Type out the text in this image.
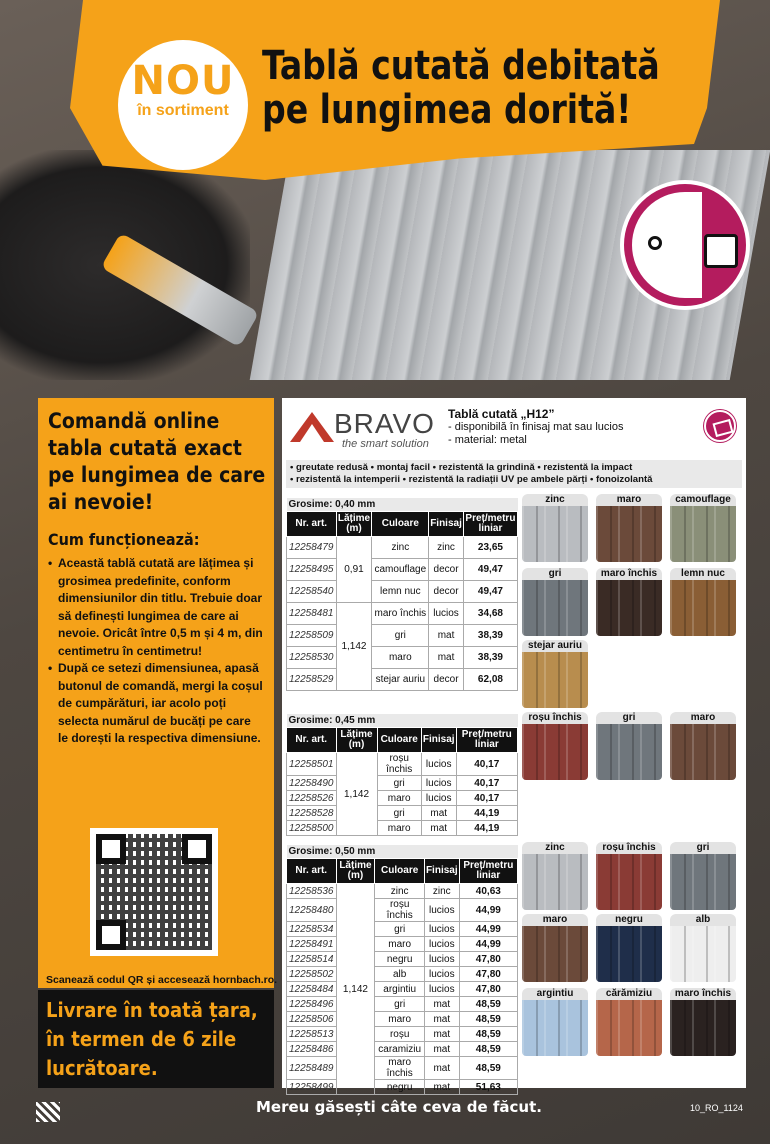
NOU
în sortiment
Tablă cutată debitată
pe lungimea dorită!
Comandă online tabla cutată exact pe lungimea de care ai nevoie!
Cum funcționează:
• Această tablă cutată are lățimea și grosimea predefinite, conform dimensiunilor din titlu. Trebuie doar să definești lungimea de care ai nevoie. Oricât între 0,5 m și 4 m, din centimetru în centimetru!
• După ce setezi dimensiunea, apasă butonul de comandă, mergi la coșul de cumpărături, iar acolo poți selecta numărul de bucăți pe care le dorești la respectiva dimensiune.
Scanează codul QR și accesează hornbach.ro.
Livrare în toată țara,
în termen de 6 zile
lucrătoare.
BRAVO
the smart solution
Tablă cutată „H12”
- disponibilă în finisaj mat sau lucios
- material: metal
• greutate redusă • montaj facil • rezistentă la grindină • rezistentă la impact
• rezistentă la intemperii • rezistentă la radiații UV pe ambele părți • fonoizolantă
Grosime: 0,40 mm				
Nr. art.	Lățime (m)	Culoare	Finisaj	Preț/metru liniar
12258479	0,91	zinc	zinc	23,65
12258495		camouflage	decor	49,47
12258540		lemn nuc	decor	49,47
12258481	1,142	maro închis	lucios	34,68
12258509		gri	mat	38,39
12258530		maro	mat	38,39
12258529		stejar auriu	decor	62,08
Grosime: 0,45 mm				
Nr. art.	Lățime (m)	Culoare	Finisaj	Preț/metru liniar
12258501	1,142	roșu închis	lucios	40,17
12258490		gri	lucios	40,17
12258526		maro	lucios	40,17
12258528		gri	mat	44,19
12258500		maro	mat	44,19
Grosime: 0,50 mm				
Nr. art.	Lățime (m)	Culoare	Finisaj	Preț/metru liniar
12258536	1,142	zinc	zinc	40,63
12258480		roșu închis	lucios	44,99
12258534		gri	lucios	44,99
12258491		maro	lucios	44,99
12258514		negru	lucios	47,80
12258502		alb	lucios	47,80
12258484		argintiu	lucios	47,80
12258496		gri	mat	48,59
12258506		maro	mat	48,59
12258513		roșu	mat	48,59
12258486		caramiziu	mat	48,59
12258489		maro închis	mat	48,59
12258499		negru	mat	51,63
zinc	maro	camouflage
gri	maro închis	lemn nuc
stejar auriu
roșu închis	gri	maro
zinc	roșu închis	gri
maro	negru	alb
argintiu	cărămiziu	maro închis
Mereu găsești câte ceva de făcut.	10_RO_1124
